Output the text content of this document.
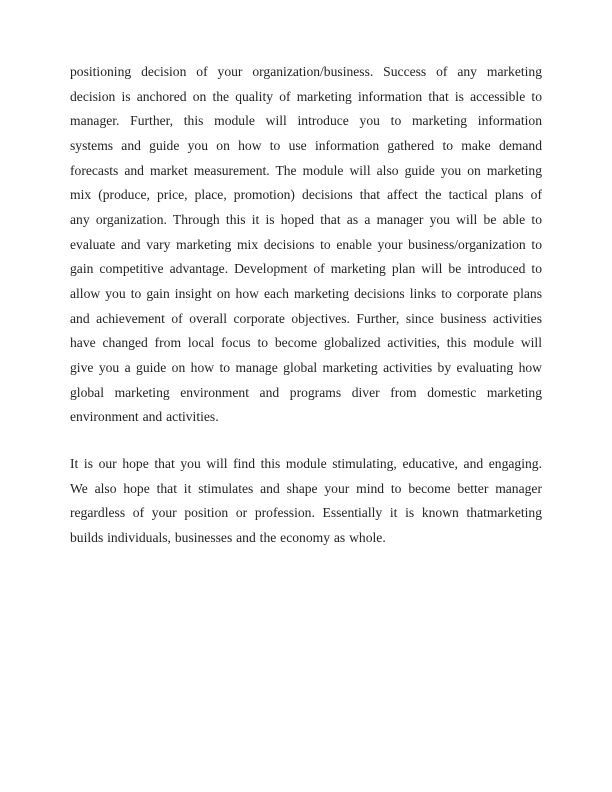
positioning decision of your organization/business. Success of any marketing
decision is anchored on the quality of marketing information that is accessible to
manager. Further, this module will introduce you to marketing information
systems and guide you on how to use information gathered to make demand
forecasts and market measurement. The module will also guide you on marketing
mix (produce, price, place, promotion) decisions that affect the tactical plans of
any organization. Through this it is hoped that as a manager you will be able to
evaluate and vary marketing mix decisions to enable your business/organization to
gain competitive advantage. Development of marketing plan will be introduced to
allow you to gain insight on how each marketing decisions links to corporate plans
and achievement of overall corporate objectives. Further, since business activities
have changed from local focus to become globalized activities, this module will
give you a guide on how to manage global marketing activities by evaluating how
global marketing environment and programs diver from domestic marketing
environment and activities.
It is our hope that you will find this module stimulating, educative, and engaging.
We also hope that it stimulates and shape your mind to become better manager
regardless of your position or profession. Essentially it is known thatmarketing
builds individuals, businesses and the economy as whole.
